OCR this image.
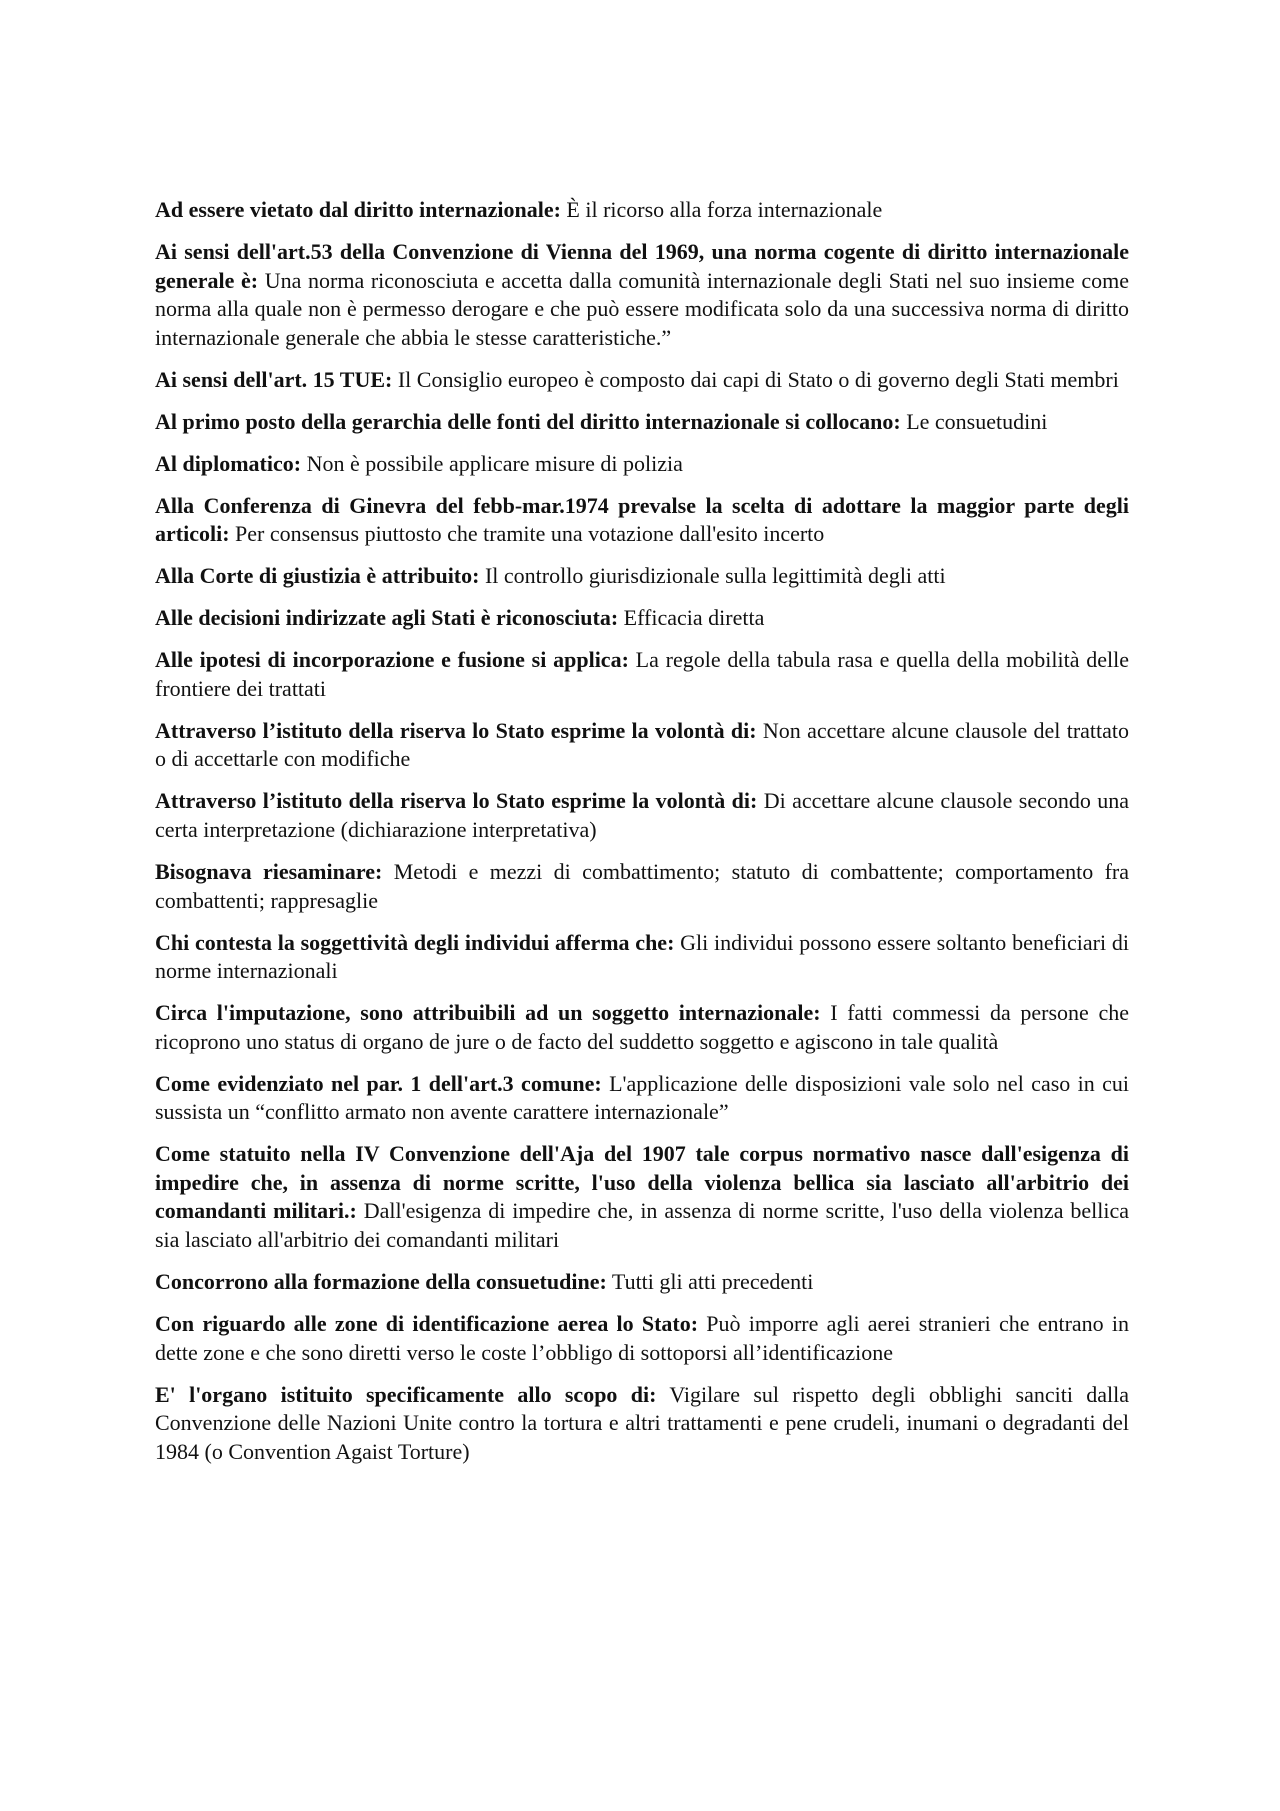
Ad essere vietato dal diritto internazionale: È il ricorso alla forza internazionale

Ai sensi dell'art.53 della Convenzione di Vienna del 1969, una norma cogente di diritto internazionale generale è: Una norma riconosciuta e accetta dalla comunità internazionale degli Stati nel suo insieme come norma alla quale non è permesso derogare e che può essere modificata solo da una successiva norma di diritto internazionale generale che abbia le stesse caratteristiche.”

Ai sensi dell'art. 15 TUE: Il Consiglio europeo è composto dai capi di Stato o di governo degli Stati membri

Al primo posto della gerarchia delle fonti del diritto internazionale si collocano: Le consuetudini

Al diplomatico: Non è possibile applicare misure di polizia

Alla Conferenza di Ginevra del febb-mar.1974 prevalse la scelta di adottare la maggior parte degli articoli: Per consensus piuttosto che tramite una votazione dall'esito incerto

Alla Corte di giustizia è attribuito: Il controllo giurisdizionale sulla legittimità degli atti

Alle decisioni indirizzate agli Stati è riconosciuta: Efficacia diretta

Alle ipotesi di incorporazione e fusione si applica: La regole della tabula rasa e quella della mobilità delle frontiere dei trattati

Attraverso l’istituto della riserva lo Stato esprime la volontà di: Non accettare alcune clausole del trattato o di accettarle con modifiche

Attraverso l’istituto della riserva lo Stato esprime la volontà di: Di accettare alcune clausole secondo una certa interpretazione (dichiarazione interpretativa)

Bisognava riesaminare: Metodi e mezzi di combattimento; statuto di combattente; comportamento fra combattenti; rappresaglie

Chi contesta la soggettività degli individui afferma che: Gli individui possono essere soltanto beneficiari di norme internazionali

Circa l'imputazione, sono attribuibili ad un soggetto internazionale: I fatti commessi da persone che ricoprono uno status di organo de jure o de facto del suddetto soggetto e agiscono in tale qualità

Come evidenziato nel par. 1 dell'art.3 comune: L'applicazione delle disposizioni vale solo nel caso in cui sussista un “conflitto armato non avente carattere internazionale”

Come statuito nella IV Convenzione dell'Aja del 1907 tale corpus normativo nasce dall'esigenza di impedire che, in assenza di norme scritte, l'uso della violenza bellica sia lasciato all'arbitrio dei comandanti militari.: Dall'esigenza di impedire che, in assenza di norme scritte, l'uso della violenza bellica sia lasciato all'arbitrio dei comandanti militari

Concorrono alla formazione della consuetudine: Tutti gli atti precedenti

Con riguardo alle zone di identificazione aerea lo Stato: Può imporre agli aerei stranieri che entrano in dette zone e che sono diretti verso le coste l’obbligo di sottoporsi all’identificazione

E' l'organo istituito specificamente allo scopo di: Vigilare sul rispetto degli obblighi sanciti dalla Convenzione delle Nazioni Unite contro la tortura e altri trattamenti e pene crudeli, inumani o degradanti del 1984 (o Convention Agaist Torture)
